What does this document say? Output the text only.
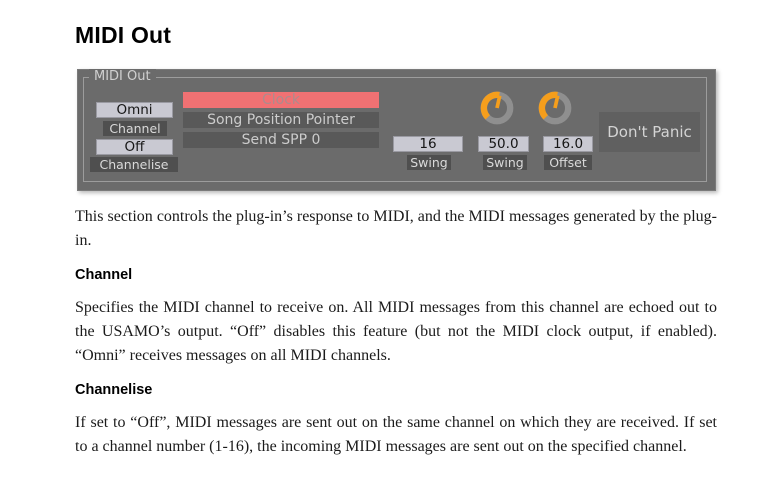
MIDI Out
MIDI Out
Omni
Channel
Off
Channelise
Clock
Song Position Pointer
Send SPP 0	16
Swing
50.0
Swing
16.0
Offset
Don't Panic

This section controls the plug-in’s response to MIDI, and the MIDI messages generated by the plug-in.

Channel

Specifies the MIDI channel to receive on. All MIDI messages from this channel are echoed out to the USAMO’s output. “Off” disables this feature (but not the MIDI clock output, if enabled). “Omni” receives messages on all MIDI channels.

Channelise

If set to “Off”, MIDI messages are sent out on the same channel on which they are received. If set to a channel number (1-16), the incoming MIDI messages are sent out on the specified channel.
